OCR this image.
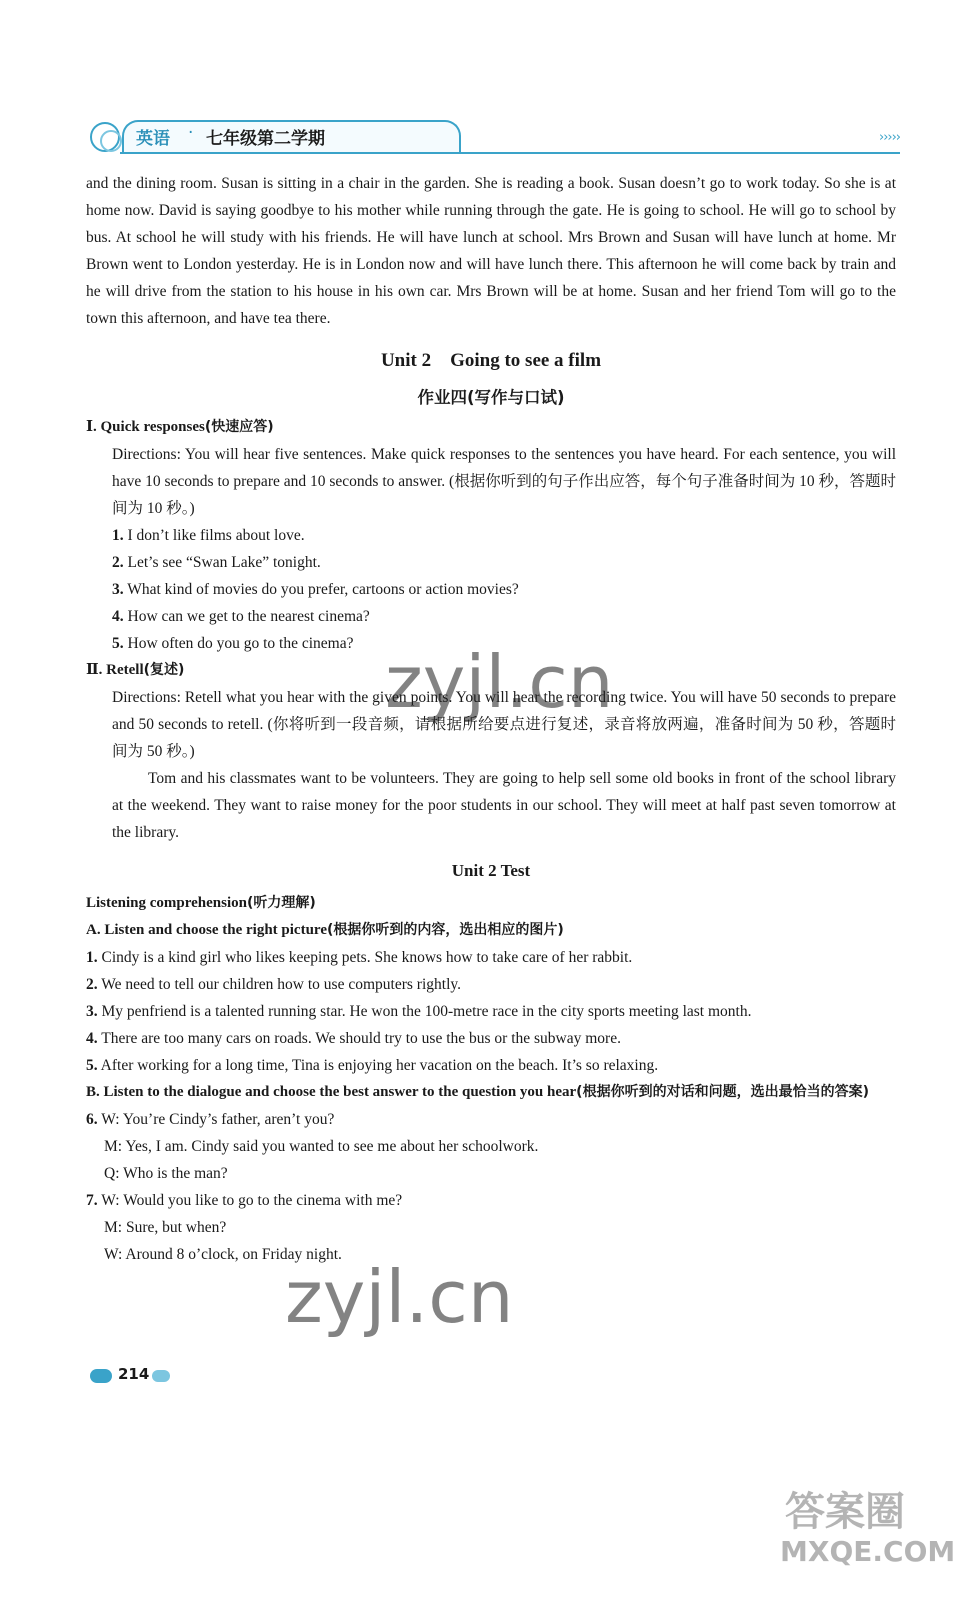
英语 · 七年级第二学期	›››››

and the dining room. Susan is sitting in a chair in the garden. She is reading a book. Susan doesn’t go to work today. So she is at home now. David is saying goodbye to his mother while running through the gate. He is going to school. He will go to school by bus. At school he will study with his friends. He will have lunch at school. Mrs Brown and Susan will have lunch at home. Mr Brown went to London yesterday. He is in London now and will have lunch there. This afternoon he will come back by train and he will drive from the station to his house in his own car. Mrs Brown will be at home. Susan and her friend Tom will go to the town this afternoon, and have tea there.

Unit 2　Going to see a film
作业四(写作与口试)

Ⅰ. Quick responses(快速应答)

Directions: You will hear five sentences. Make quick responses to the sentences you have heard. For each sentence, you will have 10 seconds to prepare and 10 seconds to answer. (根据你听到的句子作出应答，每个句子准备时间为 10 秒，答题时间为 10 秒。)

1. I don’t like films about love.

2. Let’s see “Swan Lake” tonight.

3. What kind of movies do you prefer, cartoons or action movies?

4. How can we get to the nearest cinema?

5. How often do you go to the cinema?

Ⅱ. Retell(复述)

Directions: Retell what you hear with the given points. You will hear the recording twice. You will have 50 seconds to prepare and 50 seconds to retell. (你将听到一段音频，请根据所给要点进行复述，录音将放两遍，准备时间为 50 秒，答题时间为 50 秒。)

Tom and his classmates want to be volunteers. They are going to help sell some old books in front of the school library at the weekend. They want to raise money for the poor students in our school. They will meet at half past seven tomorrow at the library.

Unit 2 Test

Listening comprehension(听力理解)

A. Listen and choose the right picture(根据你听到的内容，选出相应的图片)

1. Cindy is a kind girl who likes keeping pets. She knows how to take care of her rabbit.

2. We need to tell our children how to use computers rightly.

3. My penfriend is a talented running star. He won the 100-metre race in the city sports meeting last month.

4. There are too many cars on roads. We should try to use the bus or the subway more.

5. After working for a long time, Tina is enjoying her vacation on the beach. It’s so relaxing.

B. Listen to the dialogue and choose the best answer to the question you hear(根据你听到的对话和问题，选出最恰当的答案)

6. W: You’re Cindy’s father, aren’t you?

M: Yes, I am. Cindy said you wanted to see me about her schoolwork.

Q: Who is the man?

7. W: Would you like to go to the cinema with me?

M: Sure, but when?

W: Around 8 o’clock, on Friday night.

214
zyjl.cn
zyjl.cn
答案圈
MXQE.COM
